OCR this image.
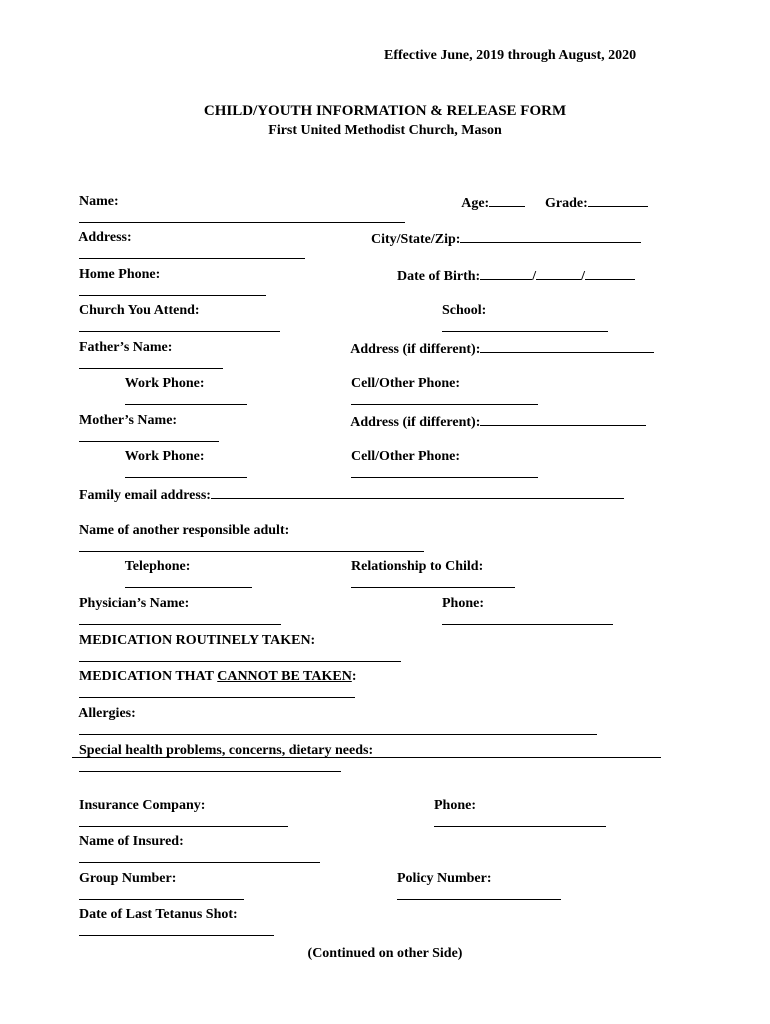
Effective June, 2019 through August, 2020
CHILD/YOUTH INFORMATION & RELEASE FORM
First United Methodist Church, Mason

Name:
	Age:	Grade:

Address:
	City/State/Zip:

Home Phone:
	Date of Birth:	/	/

Church You Attend:
	School:

Father’s Name:
	Address (if different):

Work Phone:
	Cell/Other Phone:

Mother’s Name:
	Address (if different):

Work Phone:
	Cell/Other Phone:

Family email address:

Name of another responsible adult:

Telephone:
	Relationship to Child:

Physician’s Name:
	Phone:

MEDICATION ROUTINELY TAKEN:

MEDICATION THAT CANNOT BE TAKEN:

Allergies:

Special health problems, concerns, dietary needs:

Insurance Company:
	Phone:

Name of Insured:

Group Number:
	Policy Number:

Date of Last Tetanus Shot:

(Continued on other Side)
